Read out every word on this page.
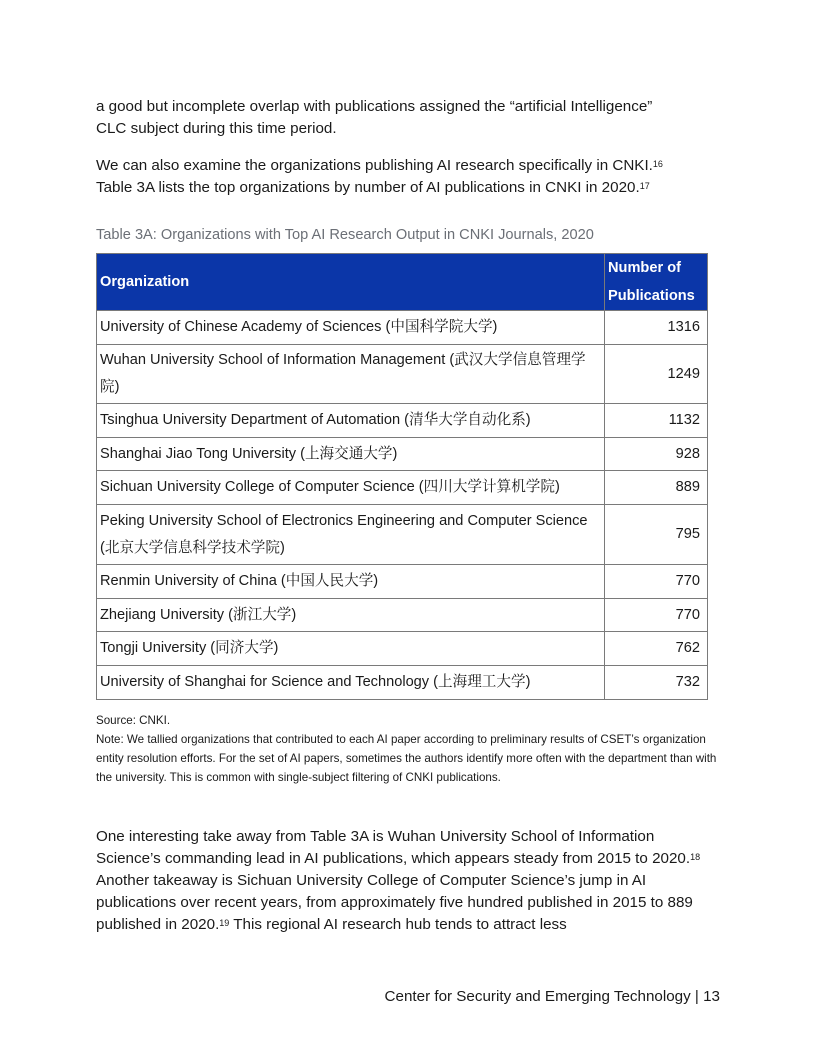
a good but incomplete overlap with publications assigned the “artificial Intelligence”
CLC subject during this time period.

We can also examine the organizations publishing AI research specifically in CNKI.$^{16}$
Table 3A lists the top organizations by number of AI publications in CNKI in 2020.17

Table 3A: Organizations with Top AI Research Output in CNKI Journals, 2020
Organization	Number of
Publications
University of Chinese Academy of Sciences (中国科学院大学)	1316
Wuhan University School of Information Management (武汉大学信息管理学院)	1249
Tsinghua University Department of Automation (清华大学自动化系)	1132
Shanghai Jiao Tong University (上海交通大学)	928
Sichuan University College of Computer Science (四川大学计算机学院)	889
Peking University School of Electronics Engineering and Computer Science (北京大学信息科学技术学院)	795
Renmin University of China (中国人民大学)	770
Zhejiang University (浙江大学)	770
Tongji University (同济大学)	762
University of Shanghai for Science and Technology (上海理工大学)	732
Source: CNKI.
Note: We tallied organizations that contributed to each AI paper according to preliminary results of CSET’s organization entity resolution efforts. For the set of AI papers, sometimes the authors identify more often with the department than with the university. This is common with single-subject filtering of CNKI publications.

One interesting take away from Table 3A is Wuhan University School of Information Science’s commanding lead in AI publications, which appears steady from 2015 to 2020.18 Another takeaway is Sichuan University College of Computer Science’s jump in AI publications over recent years, from approximately five hundred published in 2015 to 889 published in 2020.19 This regional AI research hub tends to attract less

Center for Security and Emerging Technology | 13
